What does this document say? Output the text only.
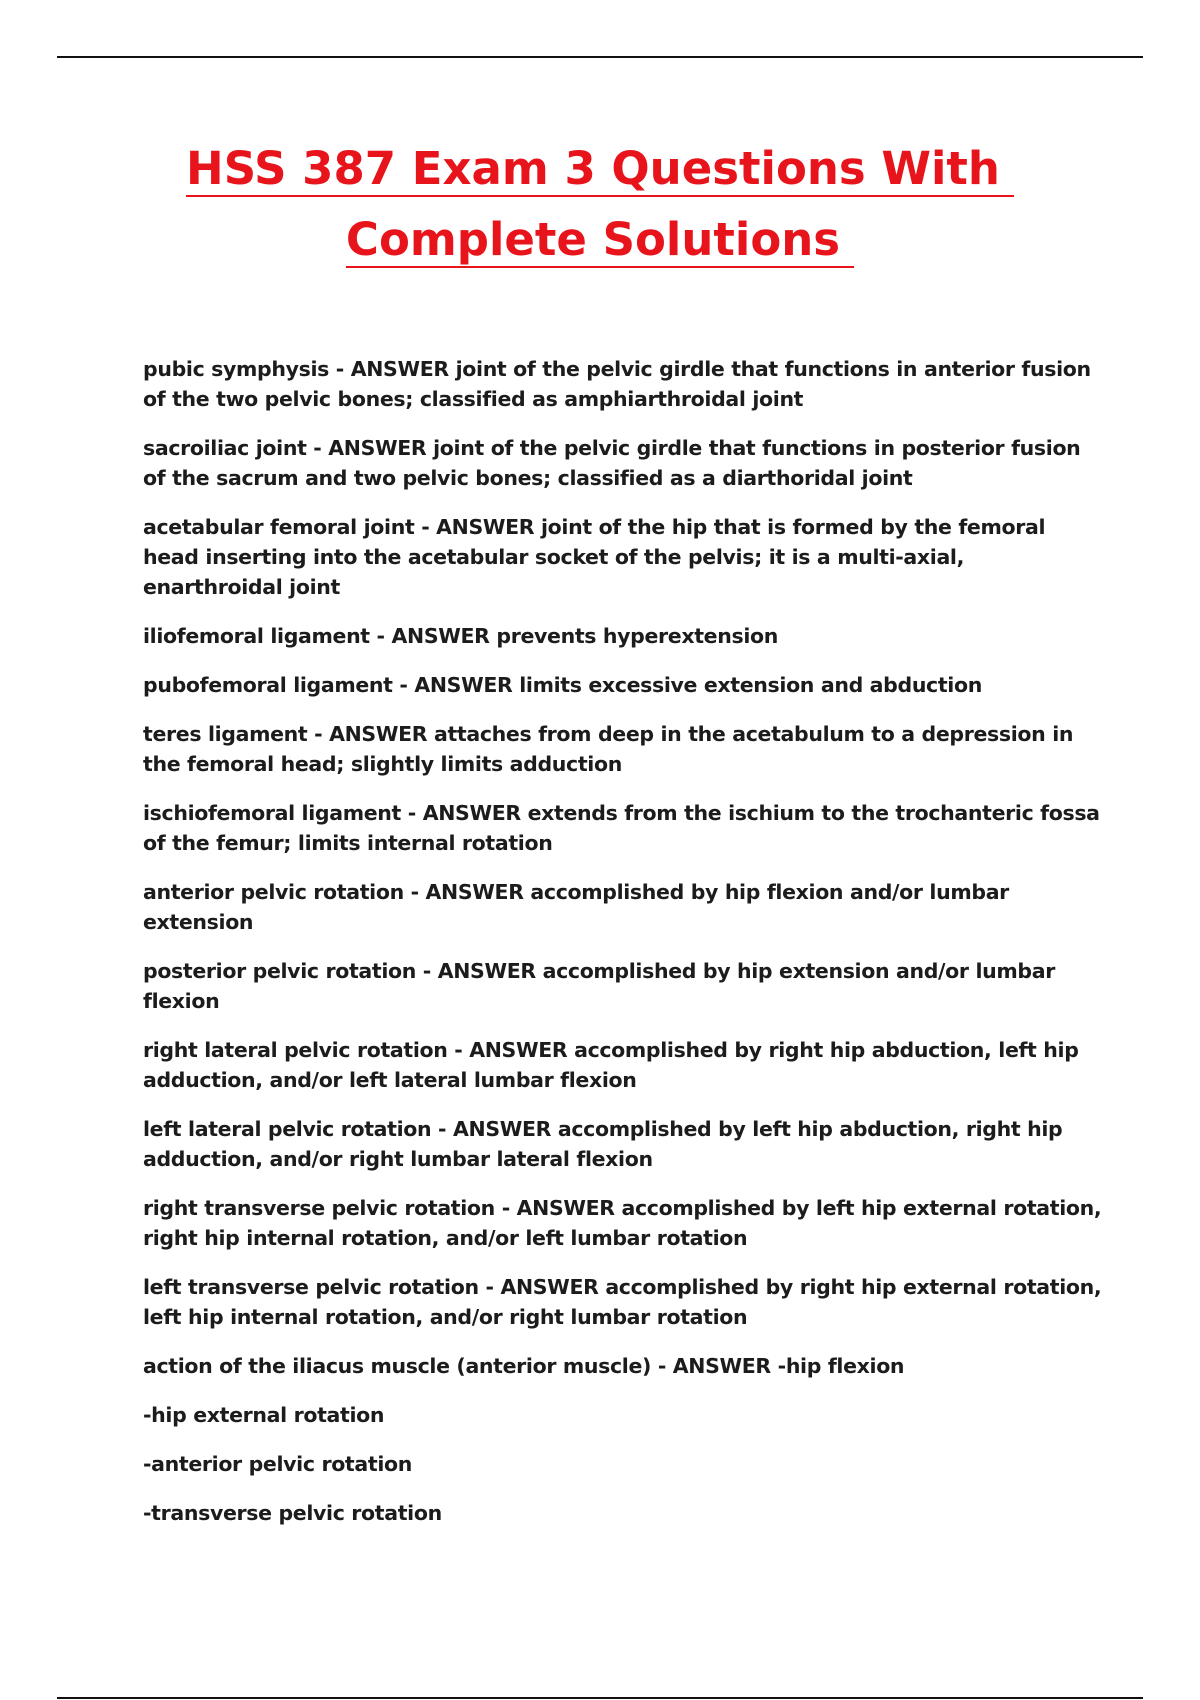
HSS 387 Exam 3 Questions With
Complete Solutions

pubic symphysis - ANSWER joint of the pelvic girdle that functions in anterior fusion of the two pelvic bones; classified as amphiarthroidal joint

sacroiliac joint - ANSWER joint of the pelvic girdle that functions in posterior fusion of the sacrum and two pelvic bones; classified as a diarthoridal joint

acetabular femoral joint - ANSWER joint of the hip that is formed by the femoral head inserting into the acetabular socket of the pelvis; it is a multi-axial, enarthroidal joint

iliofemoral ligament - ANSWER prevents hyperextension

pubofemoral ligament - ANSWER limits excessive extension and abduction

teres ligament - ANSWER attaches from deep in the acetabulum to a depression in the femoral head; slightly limits adduction

ischiofemoral ligament - ANSWER extends from the ischium to the trochanteric fossa of the femur; limits internal rotation

anterior pelvic rotation - ANSWER accomplished by hip flexion and/or lumbar extension

posterior pelvic rotation - ANSWER accomplished by hip extension and/or lumbar flexion

right lateral pelvic rotation - ANSWER accomplished by right hip abduction, left hip adduction, and/or left lateral lumbar flexion

left lateral pelvic rotation - ANSWER accomplished by left hip abduction, right hip adduction, and/or right lumbar lateral flexion

right transverse pelvic rotation - ANSWER accomplished by left hip external rotation, right hip internal rotation, and/or left lumbar rotation

left transverse pelvic rotation - ANSWER accomplished by right hip external rotation, left hip internal rotation, and/or right lumbar rotation

action of the iliacus muscle (anterior muscle) - ANSWER -hip flexion

-hip external rotation

-anterior pelvic rotation

-transverse pelvic rotation
